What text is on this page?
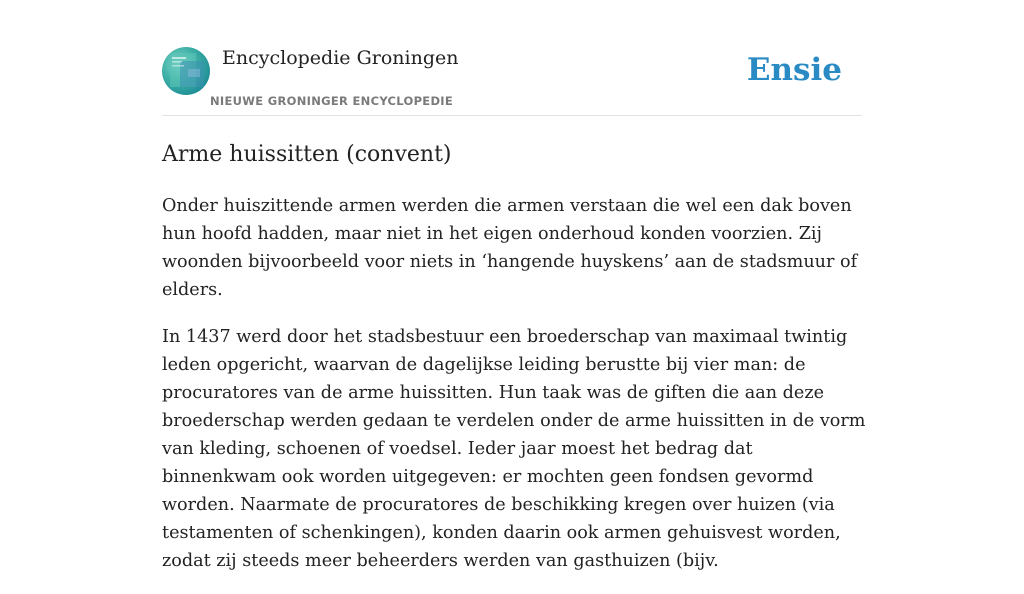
Encyclopedie Groningen
NIEUWE GRONINGER ENCYCLOPEDIE
Ensie
Arme huissitten (convent)

Onder huiszittende armen werden die armen verstaan die wel een dak boven hun hoofd hadden, maar niet in het eigen onderhoud konden voorzien. Zij woonden bijvoorbeeld voor niets in ‘hangende huyskens’ aan de stadsmuur of elders.

In 1437 werd door het stadsbestuur een broederschap van maximaal twintig leden opgericht, waarvan de dagelijkse leiding berustte bij vier man: de procuratores van de arme huissitten. Hun taak was de giften die aan deze broederschap werden gedaan te verdelen onder de arme huissitten in de vorm van kleding, schoenen of voedsel. Ieder jaar moest het bedrag dat binnenkwam ook worden uitgegeven: er mochten geen fondsen gevormd worden. Naarmate de procuratores de beschikking kregen over huizen (via testamenten of schenkingen), konden daarin ook armen gehuisvest worden, zodat zij steeds meer beheerders werden van gasthuizen (bijv.
